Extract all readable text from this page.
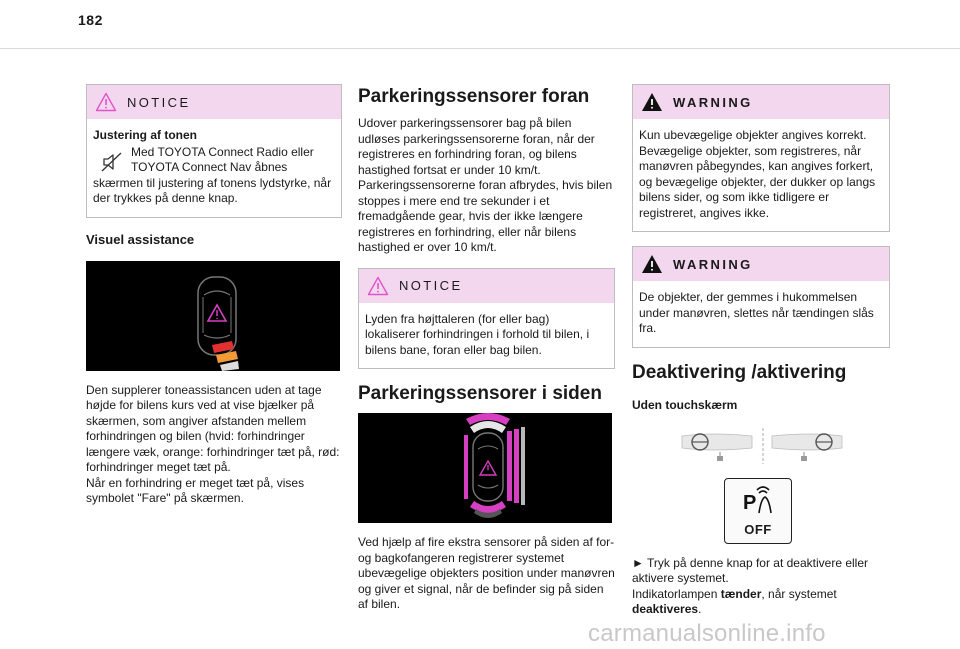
182
NOTICE
Justering af tonen
Med TOYOTA Connect Radio eller TOYOTA Connect Nav åbnes
skærmen til justering af tonens lydstyrke, når der trykkes på denne knap.
Visuel assistance

Den supplerer toneassistancen uden at tage højde for bilens kurs ved at vise bjælker på skærmen, som angiver afstanden mellem forhindringen og bilen (hvid: forhindringer længere væk, orange: forhindringer tæt på, rød: forhindringer meget tæt på.
Når en forhindring er meget tæt på, vises symbolet "Fare" på skærmen.

Parkeringssensorer foran

Udover parkeringssensorer bag på bilen udløses parkeringssensorerne foran, når der registreres en forhindring foran, og bilens hastighed fortsat er under 10 km/t.
Parkeringssensorerne foran afbrydes, hvis bilen stoppes i mere end tre sekunder i et fremadgående gear, hvis der ikke længere registreres en forhindring, eller når bilens hastighed er over 10 km/t.

NOTICE
Lyden fra højttaleren (for eller bag) lokaliserer forhindringen i forhold til bilen, i bilens bane, foran eller bag bilen.
Parkeringssensorer i siden

Ved hjælp af fire ekstra sensorer på siden af for- og bagkofangeren registrerer systemet ubevægelige objekters position under manøvren og giver et signal, når de befinder sig på siden af bilen.

WARNING
Kun ubevægelige objekter angives korrekt. Bevægelige objekter, som registreres, når manøvren påbegyndes, kan angives forkert, og bevægelige objekter, der dukker op langs bilens sider, og som ikke tidligere er registreret, angives ikke.
WARNING
De objekter, der gemmes i hukommelsen under manøvren, slettes når tændingen slås fra.
Deaktivering /aktivering
Uden touchskærm
P
OFF

► Tryk på denne knap for at deaktivere eller aktivere systemet.
Indikatorlampen tænder, når systemet
deaktiveres.

carmanualsonline.info
